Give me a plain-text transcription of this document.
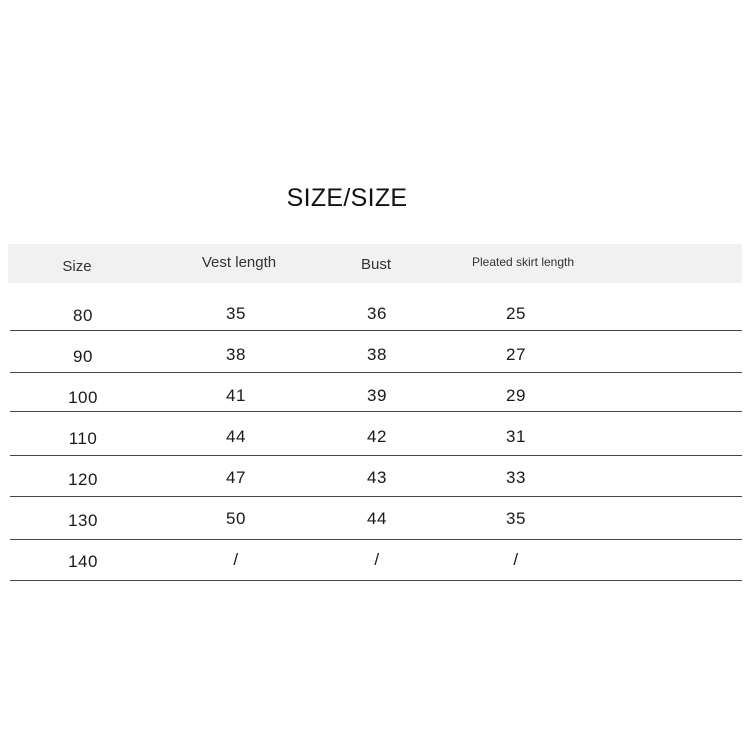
SIZE/SIZE
Size	Vest length	Bust	Pleated skirt length
80	35	36	25
90	38	38	27
100	41	39	29
110	44	42	31
120	47	43	33
130	50	44	35
140	/	/	/
